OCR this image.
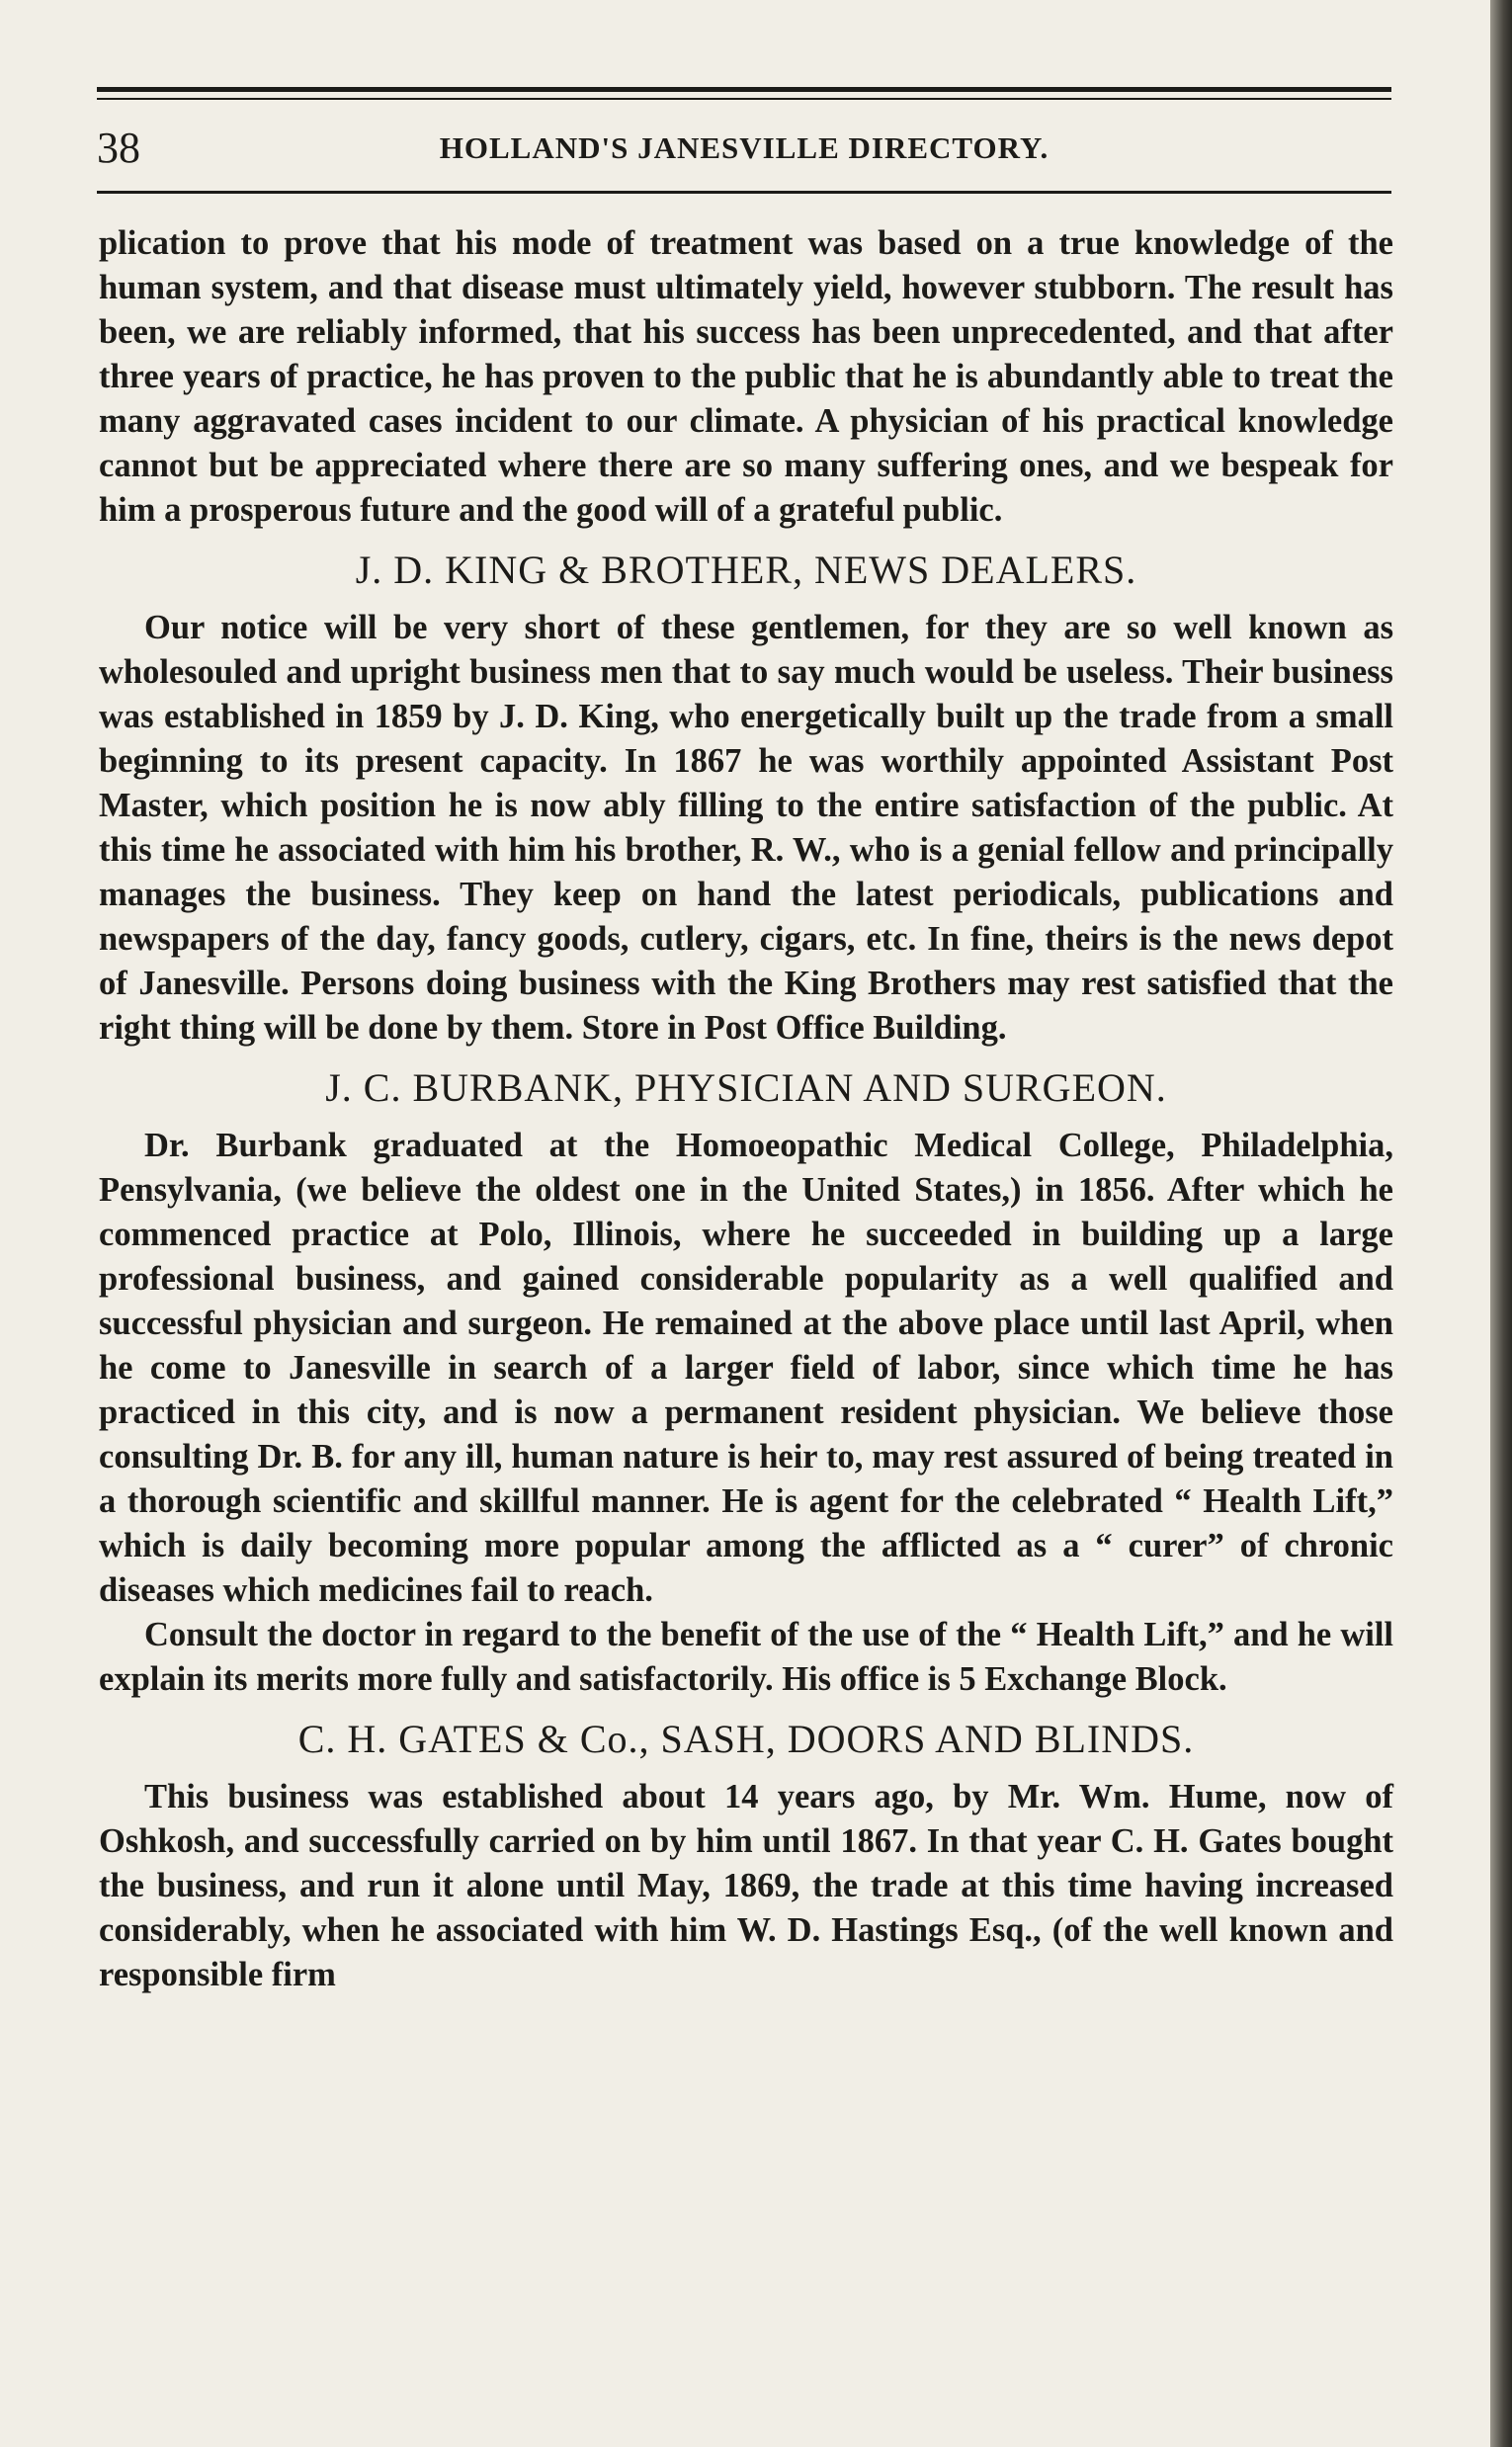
38	HOLLAND'S JANESVILLE DIRECTORY.

plication to prove that his mode of treatment was based on a true knowledge of the human system, and that disease must ultimately yield, however stubborn. The result has been, we are reliably informed, that his success has been unprecedented, and that after three years of practice, he has proven to the public that he is abundantly able to treat the many aggravated cases incident to our climate. A physician of his practical knowledge cannot but be appreciated where there are so many suffering ones, and we bespeak for him a prosperous future and the good will of a grateful public.

J. D. KING & BROTHER, NEWS DEALERS.

Our notice will be very short of these gentlemen, for they are so well known as wholesouled and upright business men that to say much would be useless. Their business was established in 1859 by J. D. King, who energetically built up the trade from a small beginning to its present capacity. In 1867 he was worthily appointed Assistant Post Master, which position he is now ably filling to the entire satisfaction of the public. At this time he associated with him his brother, R. W., who is a genial fellow and principally manages the business. They keep on hand the latest periodicals, publications and newspapers of the day, fancy goods, cutlery, cigars, etc. In fine, theirs is the news depot of Janesville. Persons doing business with the King Brothers may rest satisfied that the right thing will be done by them. Store in Post Office Building.

J. C. BURBANK, PHYSICIAN AND SURGEON.

Dr. Burbank graduated at the Homoeopathic Medical College, Philadelphia, Pensylvania, (we believe the oldest one in the United States,) in 1856. After which he commenced practice at Polo, Illinois, where he succeeded in building up a large professional business, and gained considerable popularity as a well qualified and successful physician and surgeon. He remained at the above place until last April, when he come to Janesville in search of a larger field of labor, since which time he has practiced in this city, and is now a permanent resident physician. We believe those consulting Dr. B. for any ill, human nature is heir to, may rest assured of being treated in a thorough scientific and skillful manner. He is agent for the celebrated “ Health Lift,” which is daily becoming more popular among the afflicted as a “ curer” of chronic diseases which medicines fail to reach.

Consult the doctor in regard to the benefit of the use of the “ Health Lift,” and he will explain its merits more fully and satisfactorily. His office is 5 Exchange Block.

C. H. GATES & Co., SASH, DOORS AND BLINDS.

This business was established about 14 years ago, by Mr. Wm. Hume, now of Oshkosh, and successfully carried on by him until 1867. In that year C. H. Gates bought the business, and run it alone until May, 1869, the trade at this time having increased considerably, when he associated with him W. D. Hastings Esq., (of the well known and responsible firm
